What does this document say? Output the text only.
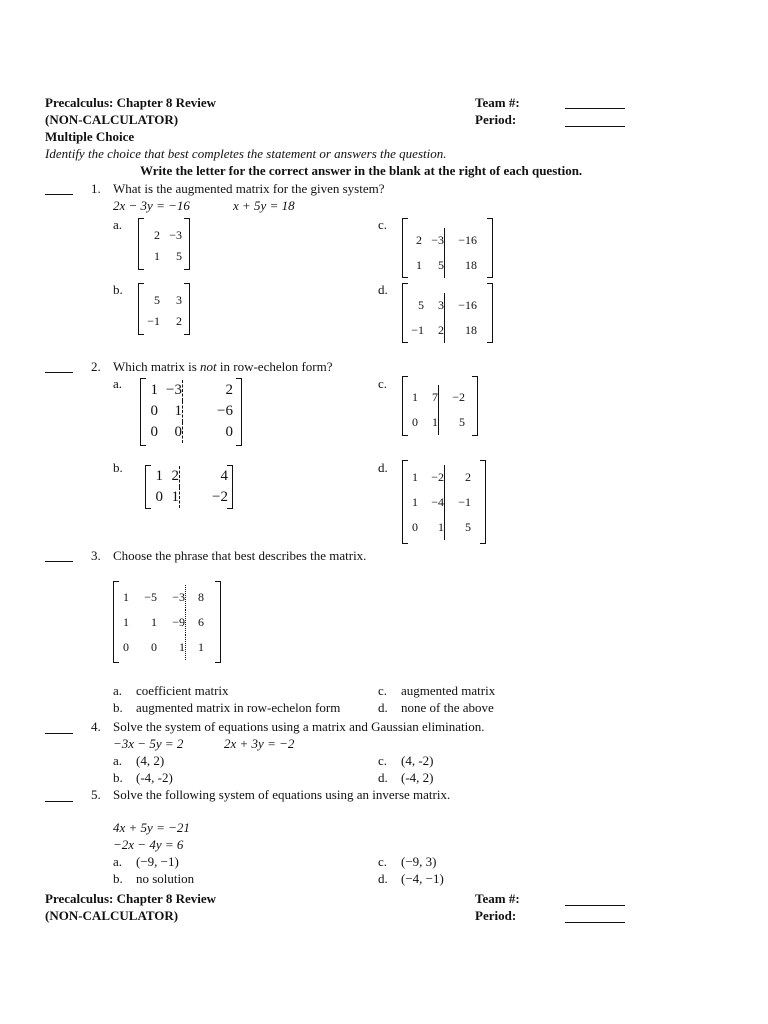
Precalculus: Chapter 8 Review
(NON-CALCULATOR)
Multiple Choice
Identify the choice that best completes the statement or answers the question.
Write the letter for the correct answer in the blank at the right of each question.
Team #:
Period:
1. What is the augmented matrix for the given system?
2x − 3y = −16	x + 5y = 18
a.
2	−3
1	5
c.
2	−3	−16
1	5	18
b.
5	3
−1	2
d.
5	3	−16
−1	2	18
2. Which matrix is not in row-echelon form?
a. 1	−3	2
0	1	−6
0	0	0
c.
1	7	−2
0	1	5
b.
1	2	4
0	1	−2
d.
1	−2	2
1	−4	−1
0	1	5
3. Choose the phrase that best describes the matrix.
1	−5	−3	8
1	1	−9	6
0	0	1	1
a. coefficient matrix	c. augmented matrix
b. augmented matrix in row-echelon form	d. none of the above
4. Solve the system of equations using a matrix and Gaussian elimination.
−3x − 5y = 2	2x + 3y = −2
a. (4, 2)	c. (4, -2)
b. (-4, -2)	d. (-4, 2)
5. Solve the following system of equations using an inverse matrix.
4x + 5y = −21
−2x − 4y = 6
a. (−9, −1)	c. (−9, 3)
b. no solution	d. (−4, −1)
Precalculus: Chapter 8 Review
(NON-CALCULATOR)
Team #:
Period:
